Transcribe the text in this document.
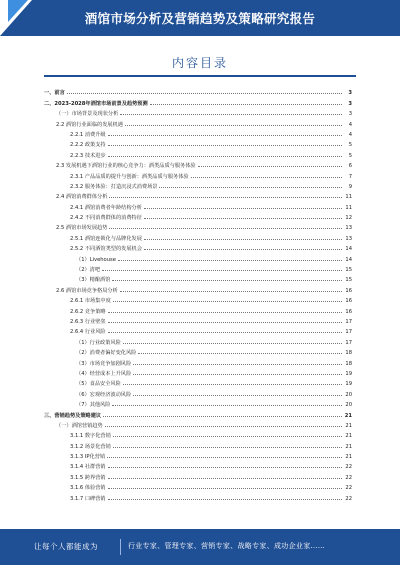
酒馆市场分析及营销趋势及策略研究报告
内容目录
一、前言	3
二、2023-2028年酒馆市场前景及趋势预测	3
（一）市场背景及现状分析	3
2.2 酒馆行业面临的发展机遇	4
2.2.1 消费升级	4
2.2.2 政策支持	5
2.2.3 技术进步	5
2.3 发展机遇下酒馆行业的核心竞争力：酒类品质与服务体验	6
2.3.1 产品品质的提升与创新：酒类品质与服务体验	7
2.3.2 服务体验：打造沉浸式消费场景	9
2.4 酒馆消费群体分析	11
2.4.1 酒馆消费者年龄结构分析	11
2.4.2 不同消费群体的消费特征	12
2.5 酒馆市场发展趋势	13
2.5.1 酒馆连锁化与品牌化发展	13
2.5.2 不同酒馆类型的发展机会	14
（1）Livehouse	14
（2）清吧	15
（3）精酿酒馆	15
2.6 酒馆市场竞争格局分析	16
2.6.1 市场集中度	16
2.6.2 竞争策略	16
2.6.3 行业壁垒	17
2.6.4 行业风险	17
（1）行业政策风险	17
（2）消费者偏好变化风险	18
（3）市场竞争加剧风险	18
（4）经营成本上升风险	19
（5）食品安全风险	19
（6）宏观经济波动风险	20
（7）其他风险	20
三、营销趋势及策略建议	21
（一）酒馆营销趋势	21
3.1.1 数字化营销	21
3.1.2 场景化营销	21
3.1.3 IP化营销	21
3.1.4 社群营销	22
3.1.5 跨界营销	22
3.1.6 体验营销	22
3.1.7 口碑营销	22
让每个人都能成为	行业专家、管理专家、营销专家、战略专家、成功企业家……
